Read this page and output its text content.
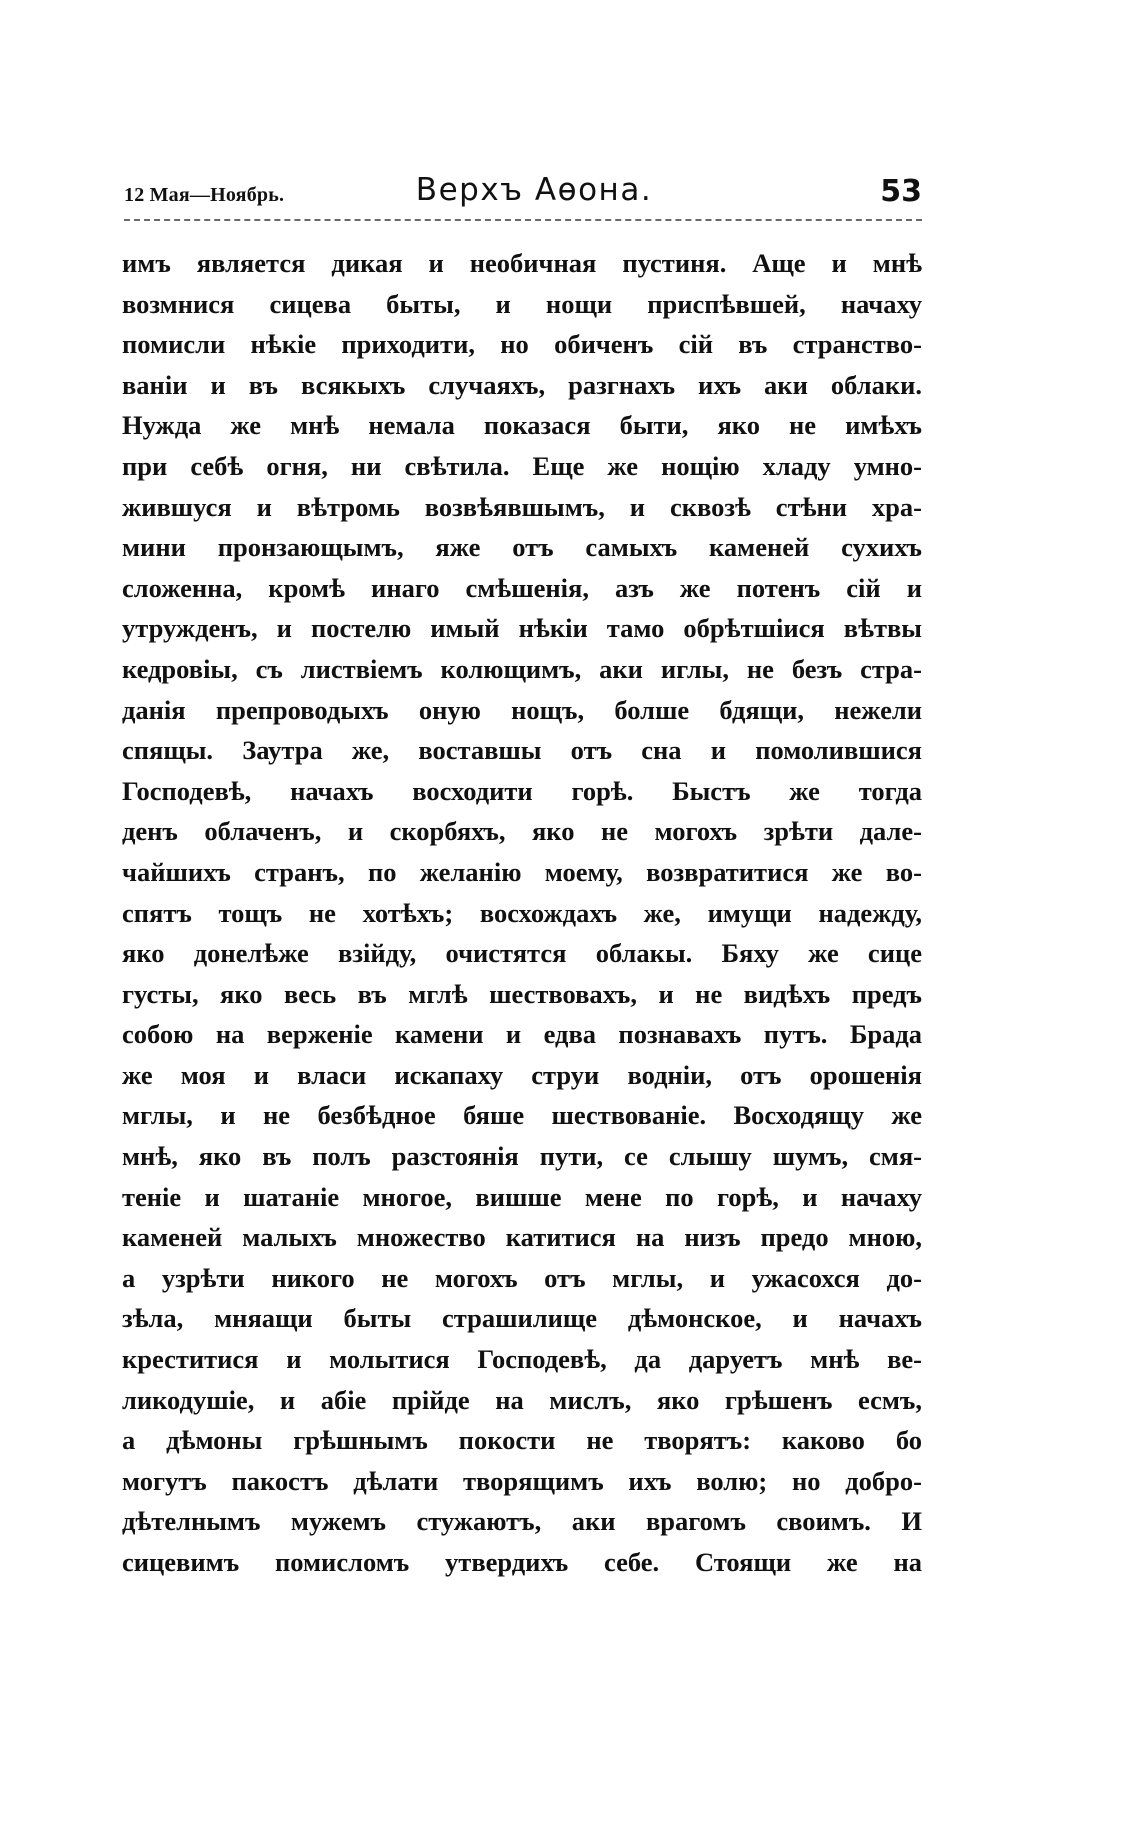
12 Мая—Ноябрь.	Верхъ Аѳона.	53
имъ является дикая и необичная пустиня. Аще и мнѣ
возмнися сицева быты, и нощи приспѣвшей, начаху
помисли нѣкіе приходити, но обиченъ сій въ странство-
ваніи и въ всякыхъ случаяхъ, разгнахъ ихъ аки облаки.
Нужда же мнѣ немала показася быти, яко не имѣхъ
при себѣ огня, ни свѣтила. Еще же нощію хладу умно-
жившуся и вѣтромь возвѣявшымъ, и сквозѣ стѣни хра-
мини пронзающымъ, яже отъ самыхъ каменей сухихъ
сложенна, кромѣ инаго смѣшенія, азъ же потенъ сій и
утружденъ, и постелю имый нѣкіи тамо обрѣтшіися вѣтвы
кедровіы, съ листвіемъ колющимъ, аки иглы, не безъ стра-
данія препроводыхъ оную нощъ, болше бдящи, нежели
спящы. Заутра же, воставшы отъ сна и помолившися
Господевѣ, начахъ восходити горѣ. Быстъ же тогда
денъ облаченъ, и скорбяхъ, яко не могохъ зрѣти далe-
чайшихъ странъ, по желанію моему, возвратитися же во-
спятъ тощъ не хотѣхъ; восхождахъ же, имущи надежду,
яко донелѣже взійду, очистятся облакы. Бяху же сице
густы, яко весь въ мглѣ шествовахъ, и не видѣхъ предъ
собою на верженіе камени и едва познавахъ путъ. Брада
же моя и власи искапаху струи водніи, отъ орошенія
мглы, и не безбѣдное бяше шествованіе. Восходящу же
мнѣ, яко въ полъ разстоянія пути, се слышу шумъ, смя-
теніе и шатаніе многое, вишше мене по горѣ, и начаху
каменей малыхъ множество катитися на низъ предо мною,
а узрѣти никого не могохъ отъ мглы, и ужасохся до-
зѣла, мняащи быты страшилище дѣмонское, и начахъ
креститися и молытися Господевѣ, да даруетъ мнѣ ве-
ликодушіе, и абіе прійде на мислъ, яко грѣшенъ есмъ,
а дѣмоны грѣшнымъ покости не творятъ: каково бо
могутъ пакостъ дѣлати творящимъ ихъ волю; но добро-
дѣтелнымъ мужемъ стужаютъ, аки врагомъ своимъ. И
сицевимъ помисломъ утвердихъ себе. Стоящи же на
